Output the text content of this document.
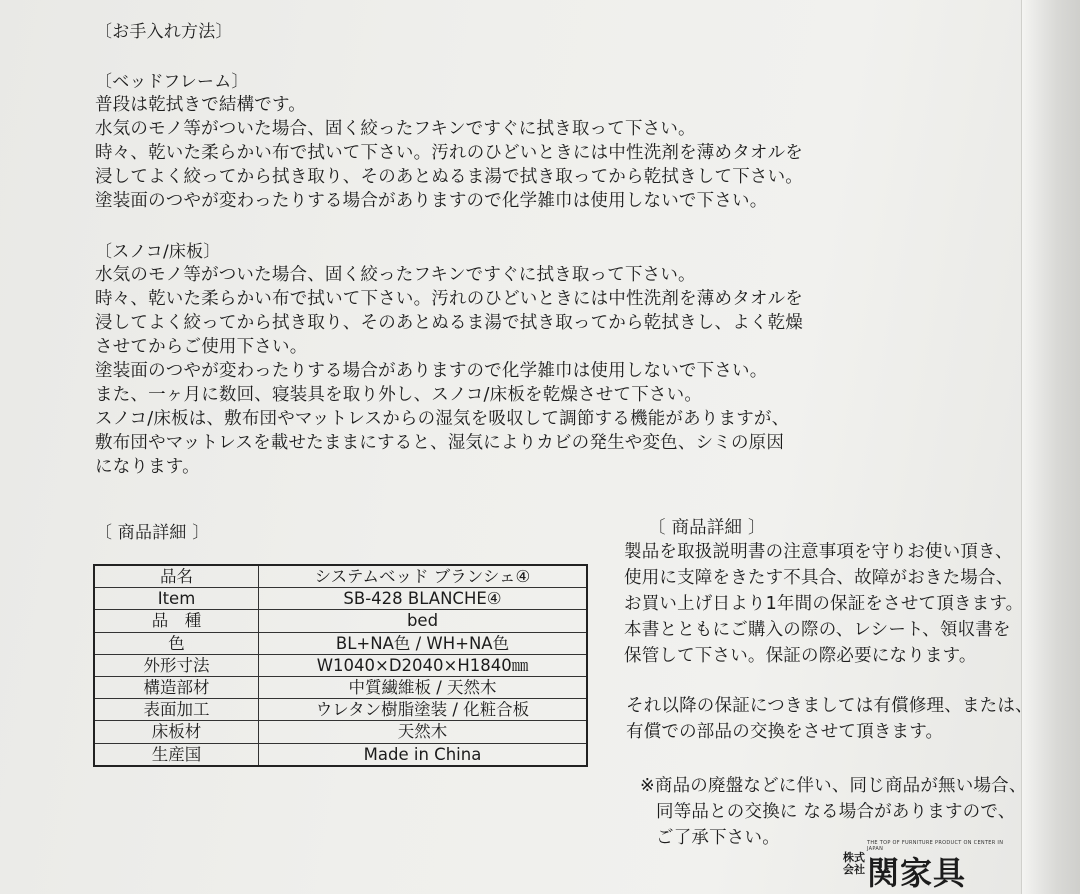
〔お手入れ方法〕
〔ベッドフレーム〕
普段は乾拭きで結構です。
水気のモノ等がついた場合、固く絞ったフキンですぐに拭き取って下さい。
時々、乾いた柔らかい布で拭いて下さい。汚れのひどいときには中性洗剤を薄めタオルを
浸してよく絞ってから拭き取り、そのあとぬるま湯で拭き取ってから乾拭きして下さい。
塗装面のつやが変わったりする場合がありますので化学雑巾は使用しないで下さい。
〔スノコ/床板〕
水気のモノ等がついた場合、固く絞ったフキンですぐに拭き取って下さい。
時々、乾いた柔らかい布で拭いて下さい。汚れのひどいときには中性洗剤を薄めタオルを
浸してよく絞ってから拭き取り、そのあとぬるま湯で拭き取ってから乾拭きし、よく乾燥
させてからご使用下さい。
塗装面のつやが変わったりする場合がありますので化学雑巾は使用しないで下さい。
また、一ヶ月に数回、寝装具を取り外し、スノコ/床板を乾燥させて下さい。
スノコ/床板は、敷布団やマットレスからの湿気を吸収して調節する機能がありますが、
敷布団やマットレスを載せたままにすると、湿気によりカビの発生や変色、シミの原因
になります。
〔 商品詳細 〕
品名	システムベッド ブランシェ④
Item	SB-428 BLANCHE④
品　種	bed
色	BL+NA色 / WH+NA色
外形寸法	W1040×D2040×H1840㎜
構造部材	中質繊維板 / 天然木
表面加工	ウレタン樹脂塗装 / 化粧合板
床板材	天然木
生産国	Made in China
〔 商品詳細 〕
製品を取扱説明書の注意事項を守りお使い頂き、
使用に支障をきたす不具合、故障がおきた場合、
お買い上げ日より1年間の保証をさせて頂きます。
本書とともにご購入の際の、レシート、領収書を
保管して下さい。保証の際必要になります。
それ以降の保証につきましては有償修理、または、
有償での部品の交換をさせて頂きます。
※商品の廃盤などに伴い、同じ商品が無い場合、
同等品との交換に なる場合がありますので、
ご了承下さい。	THE TOP OF FURNITURE PRODUCT ON CENTER IN JAPAN
株式
会社 関家具
